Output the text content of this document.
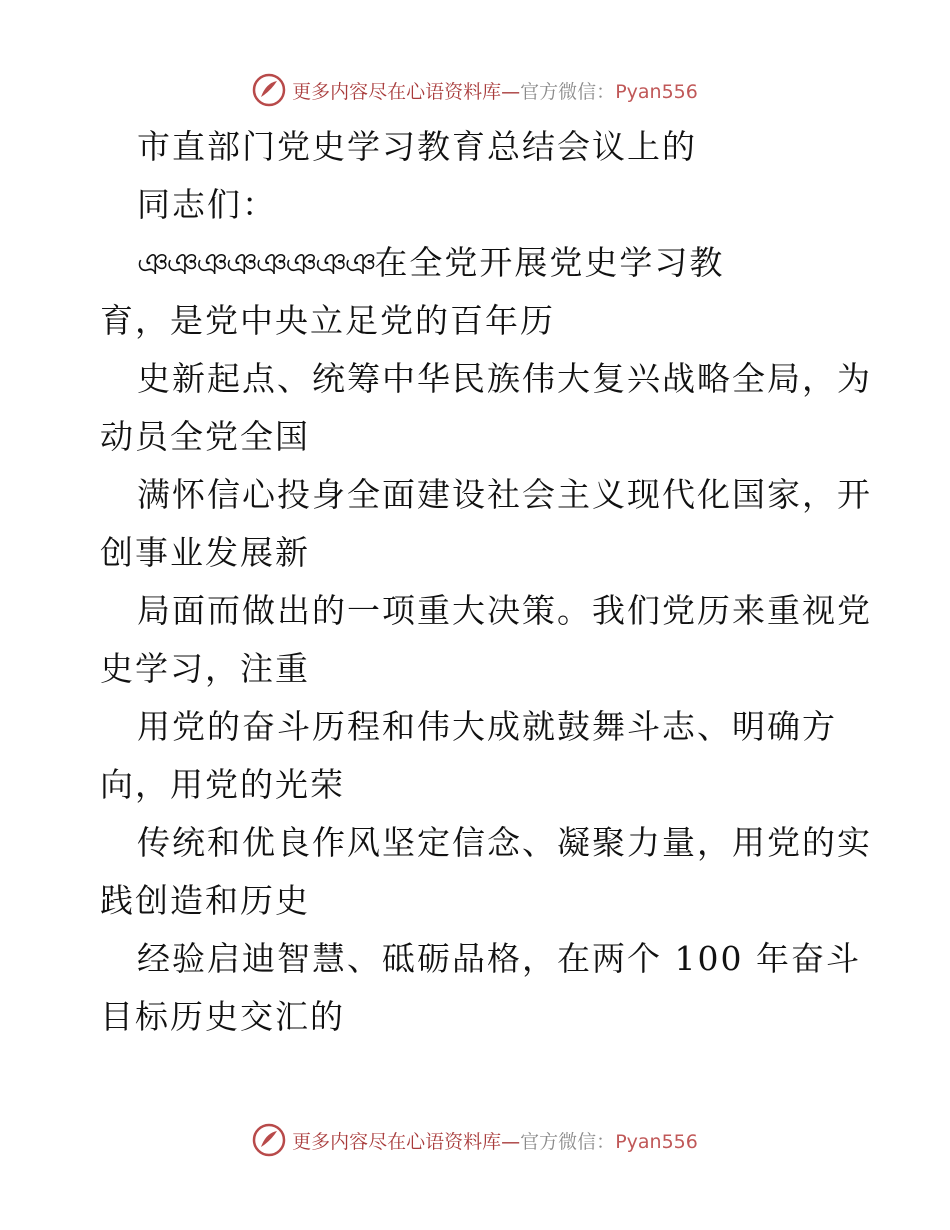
更多内容尽在心语资料库—官方微信：Pyan556
市直部门党史学习教育总结会议上的
同志们：
ঞঞঞঞঞঞঞঞ在全党开展党史学习教
育，是党中央立足党的百年历
史新起点、统筹中华民族伟大复兴战略全局，为
动员全党全国
满怀信心投身全面建设社会主义现代化国家，开
创事业发展新
局面而做出的一项重大决策。我们党历来重视党
史学习，注重
用党的奋斗历程和伟大成就鼓舞斗志、明确方
向，用党的光荣
传统和优良作风坚定信念、凝聚力量，用党的实
践创造和历史
经验启迪智慧、砥砺品格，在两个 100 年奋斗
目标历史交汇的
更多内容尽在心语资料库—官方微信：Pyan556
